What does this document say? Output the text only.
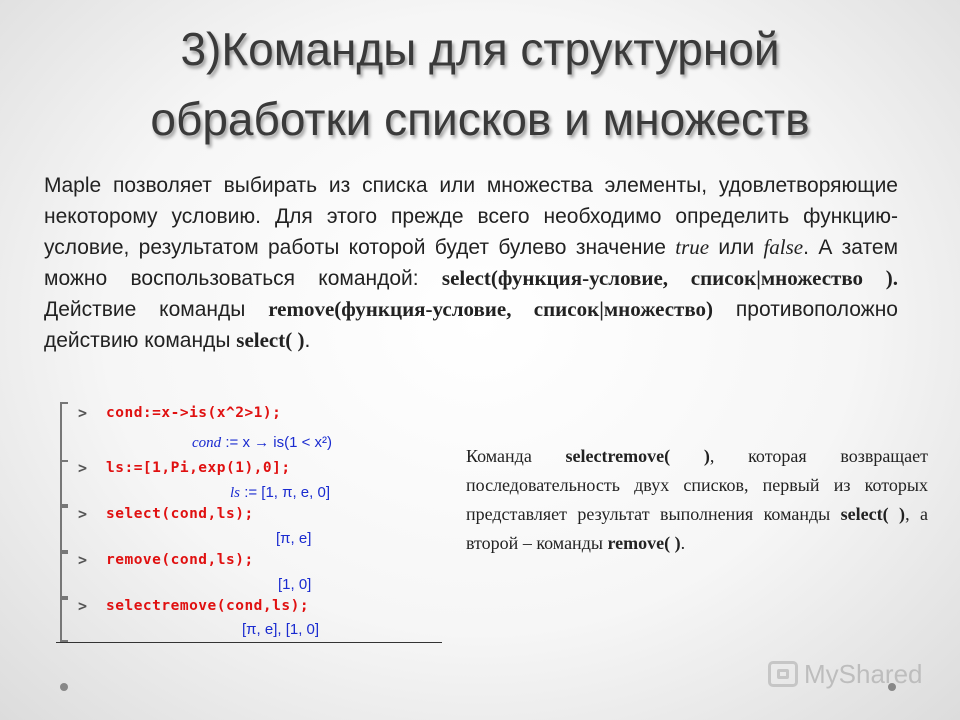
3)Команды для структурной
обработки списков и множеств
Maple позволяет выбирать из списка или множества элементы, удовлетворяющие некоторому условию. Для этого прежде всего необходимо определить функцию-условие, результатом работы которой будет булево значение true или false. А затем можно воспользоваться командой: select(функция-условие, список|множество ). Действие команды remove(функция-условие, список|множество) противоположно действию команды select( ).
> cond:=x->is(x^2>1);
cond := x → is(1 < x²)
> ls:=[1,Pi,exp(1),0];
ls := [1, π, e, 0]
> select(cond,ls);
[π, e]
> remove(cond,ls);
[1, 0]
> selectremove(cond,ls);
[π, e], [1, 0]
Команда selectremove( ), которая возвращает последовательность двух списков, первый из которых представляет результат выполнения команды select( ), а второй – команды remove( ).
MyShared
